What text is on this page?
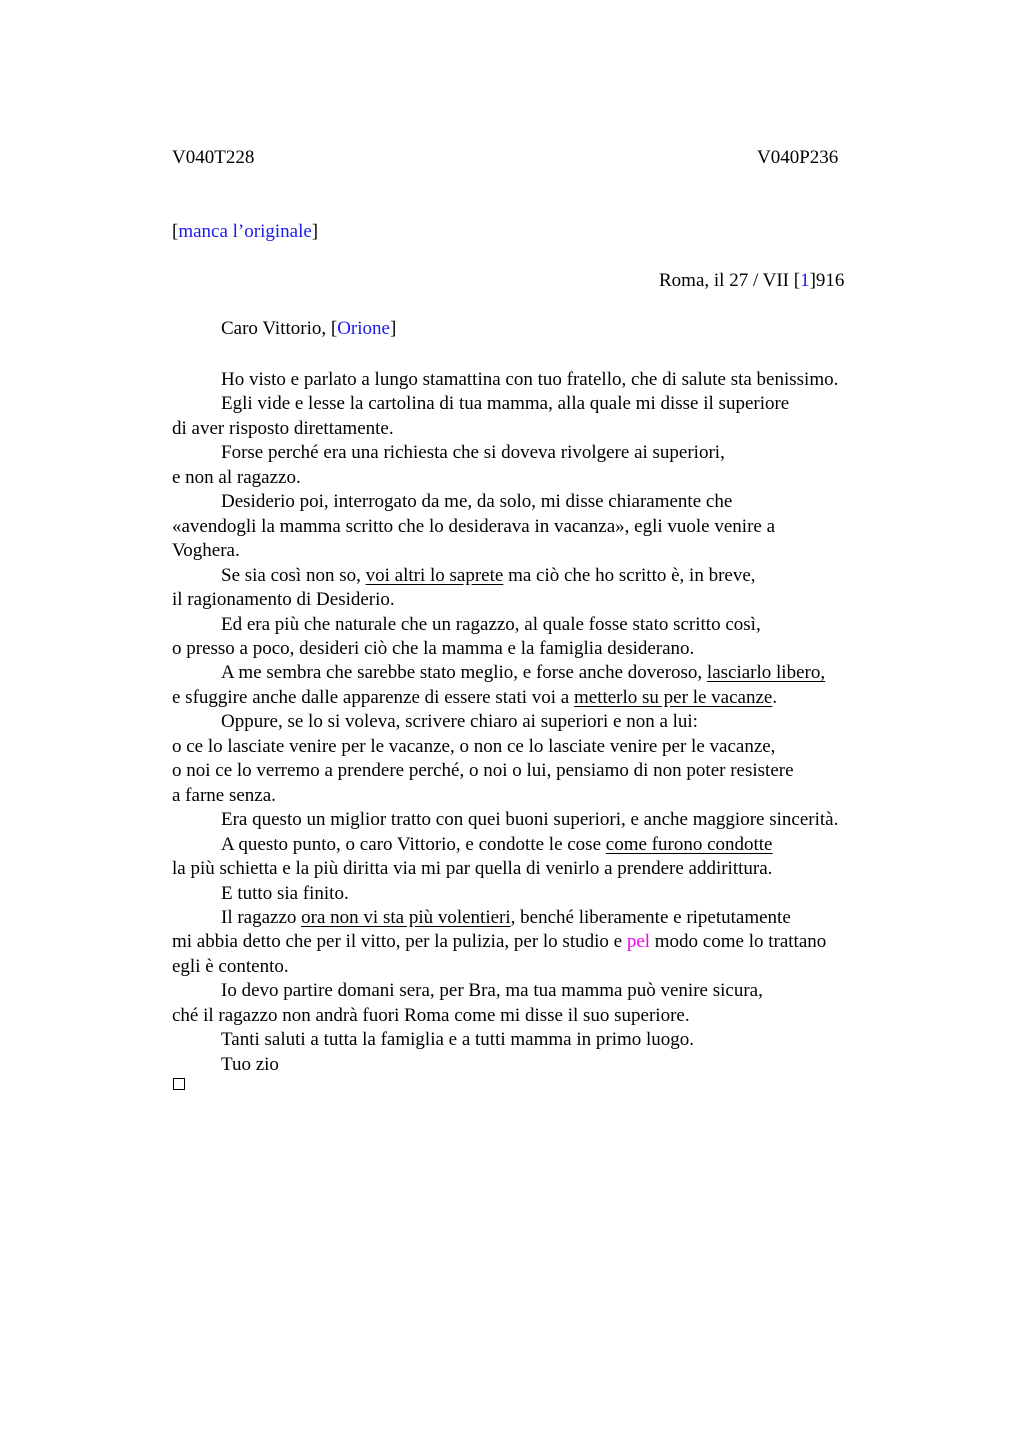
V040T228	V040P236
[manca l’originale]
Roma, il 27 / VII [1]916
Caro Vittorio, [Orione]
Ho visto e parlato a lungo stamattina con tuo fratello, che di salute sta benissimo.
Egli vide e lesse la cartolina di tua mamma, alla quale mi disse il superiore
di aver risposto direttamente.
Forse perché era una richiesta che si doveva rivolgere ai superiori,
e non al ragazzo.
Desiderio poi, interrogato da me, da solo, mi disse chiaramente che
«avendogli la mamma scritto che lo desiderava in vacanza», egli vuole venire a
Voghera.
Se sia così non so, voi altri lo saprete ma ciò che ho scritto è, in breve,
il ragionamento di Desiderio.
Ed era più che naturale che un ragazzo, al quale fosse stato scritto così,
o presso a poco, desideri ciò che la mamma e la famiglia desiderano.
A me sembra che sarebbe stato meglio, e forse anche doveroso, lasciarlo libero,
e sfuggire anche dalle apparenze di essere stati voi a metterlo su per le vacanze.
Oppure, se lo si voleva, scrivere chiaro ai superiori e non a lui:
o ce lo lasciate venire per le vacanze, o non ce lo lasciate venire per le vacanze,
o noi ce lo verremo a prendere perché, o noi o lui, pensiamo di non poter resistere
a farne senza.
Era questo un miglior tratto con quei buoni superiori, e anche maggiore sincerità.
A questo punto, o caro Vittorio, e condotte le cose come furono condotte
la più schietta e la più diritta via mi par quella di venirlo a prendere addirittura.
E tutto sia finito.
Il ragazzo ora non vi sta più volentieri, benché liberamente e ripetutamente
mi abbia detto che per il vitto, per la pulizia, per lo studio e pel modo come lo trattano
egli è contento.
Io devo partire domani sera, per Bra, ma tua mamma può venire sicura,
ché il ragazzo non andrà fuori Roma come mi disse il suo superiore.
Tanti saluti a tutta la famiglia e a tutti mamma in primo luogo.
Tuo zio
